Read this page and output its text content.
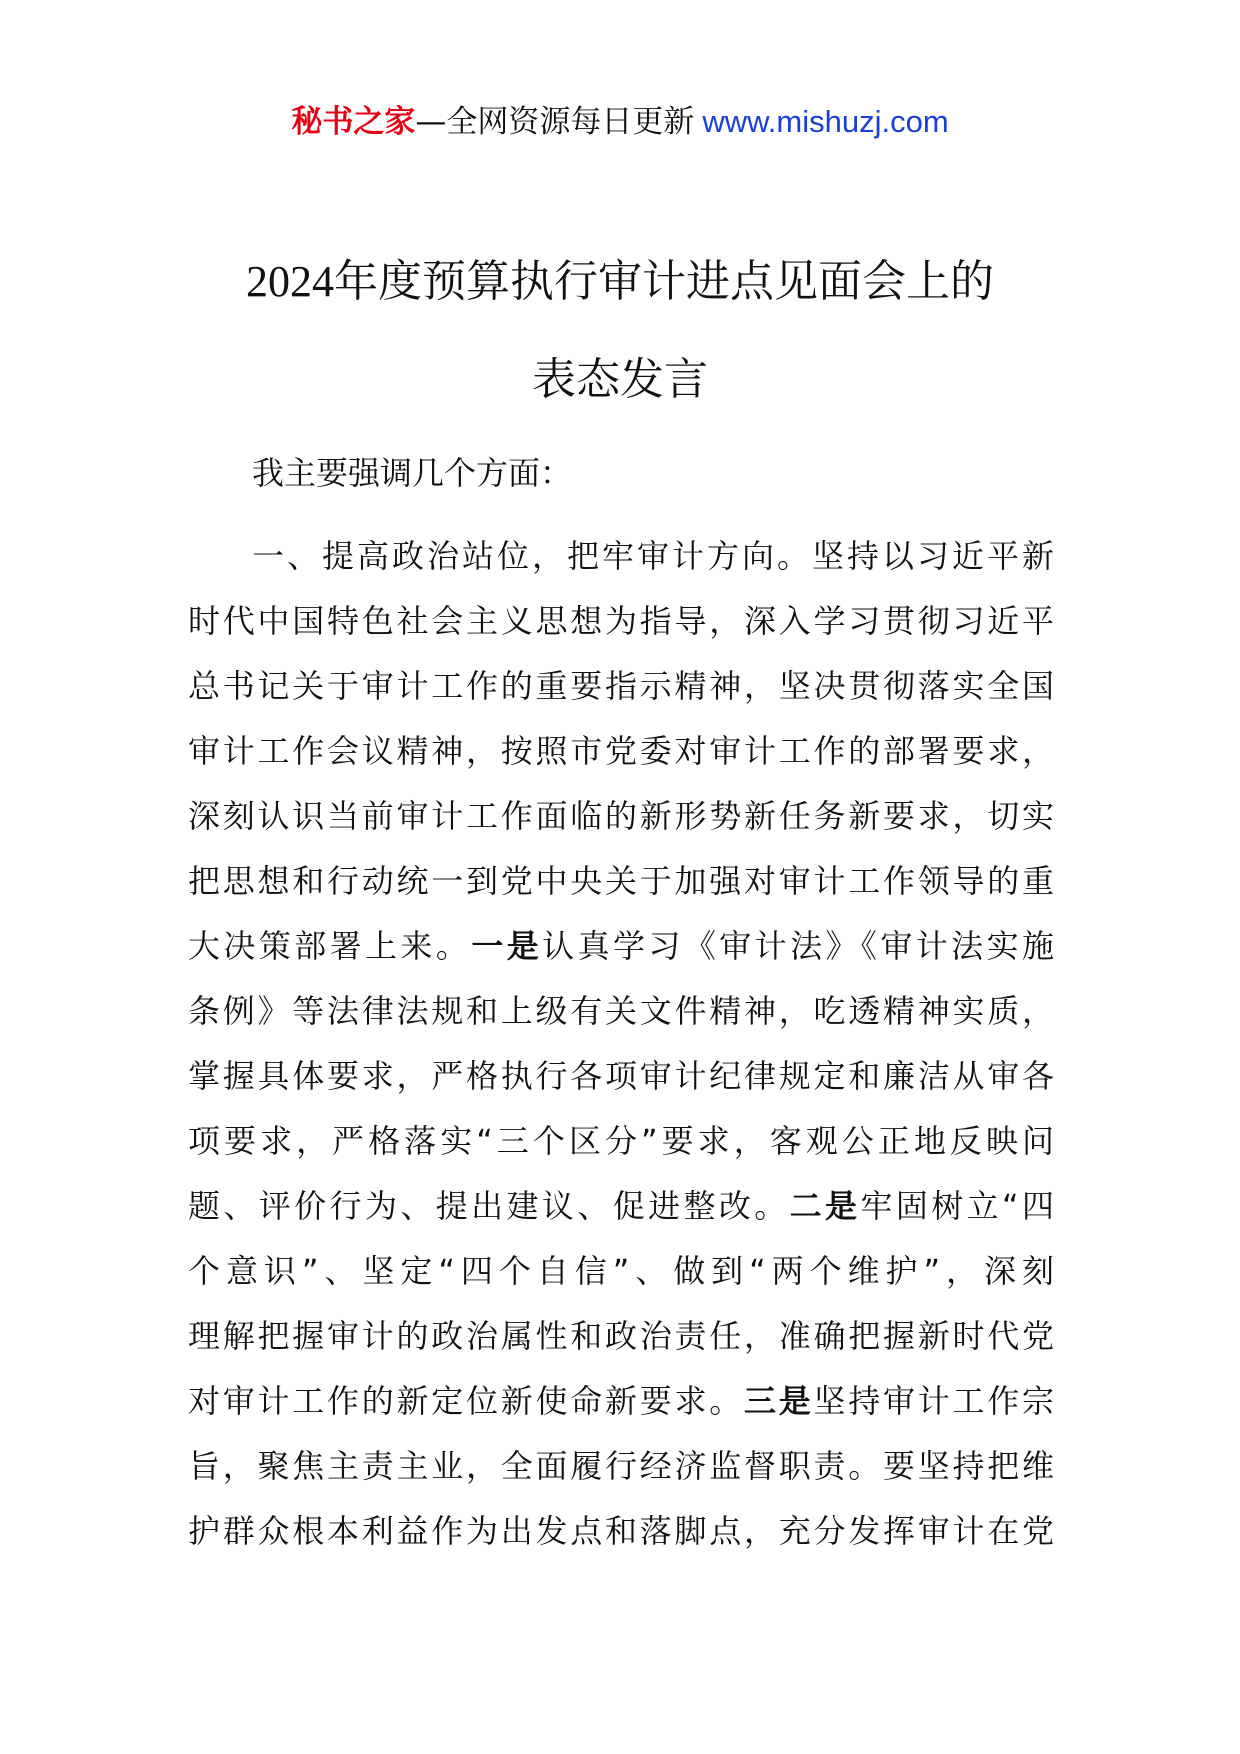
秘书之家—全网资源每日更新 www.mishuzj.com
2024年度预算执行审计进点见面会上的
表态发言
我主要强调几个方面：
一、提高政治站位，把牢审计方向。坚持以习近平新
时代中国特色社会主义思想为指导，深入学习贯彻习近平
总书记关于审计工作的重要指示精神，坚决贯彻落实全国
审计工作会议精神，按照市党委对审计工作的部署要求，
深刻认识当前审计工作面临的新形势新任务新要求，切实
把思想和行动统一到党中央关于加强对审计工作领导的重
大决策部署上来。一是认真学习《审计法》《审计法实施
条例》等法律法规和上级有关文件精神，吃透精神实质，
掌握具体要求，严格执行各项审计纪律规定和廉洁从审各
项要求，严格落实“三个区分”要求，客观公正地反映问
题、评价行为、提出建议、促进整改。二是牢固树立“四
个意识”、坚定“四个自信”、做到“两个维护”，深刻
理解把握审计的政治属性和政治责任，准确把握新时代党
对审计工作的新定位新使命新要求。三是坚持审计工作宗
旨，聚焦主责主业，全面履行经济监督职责。要坚持把维
护群众根本利益作为出发点和落脚点，充分发挥审计在党
